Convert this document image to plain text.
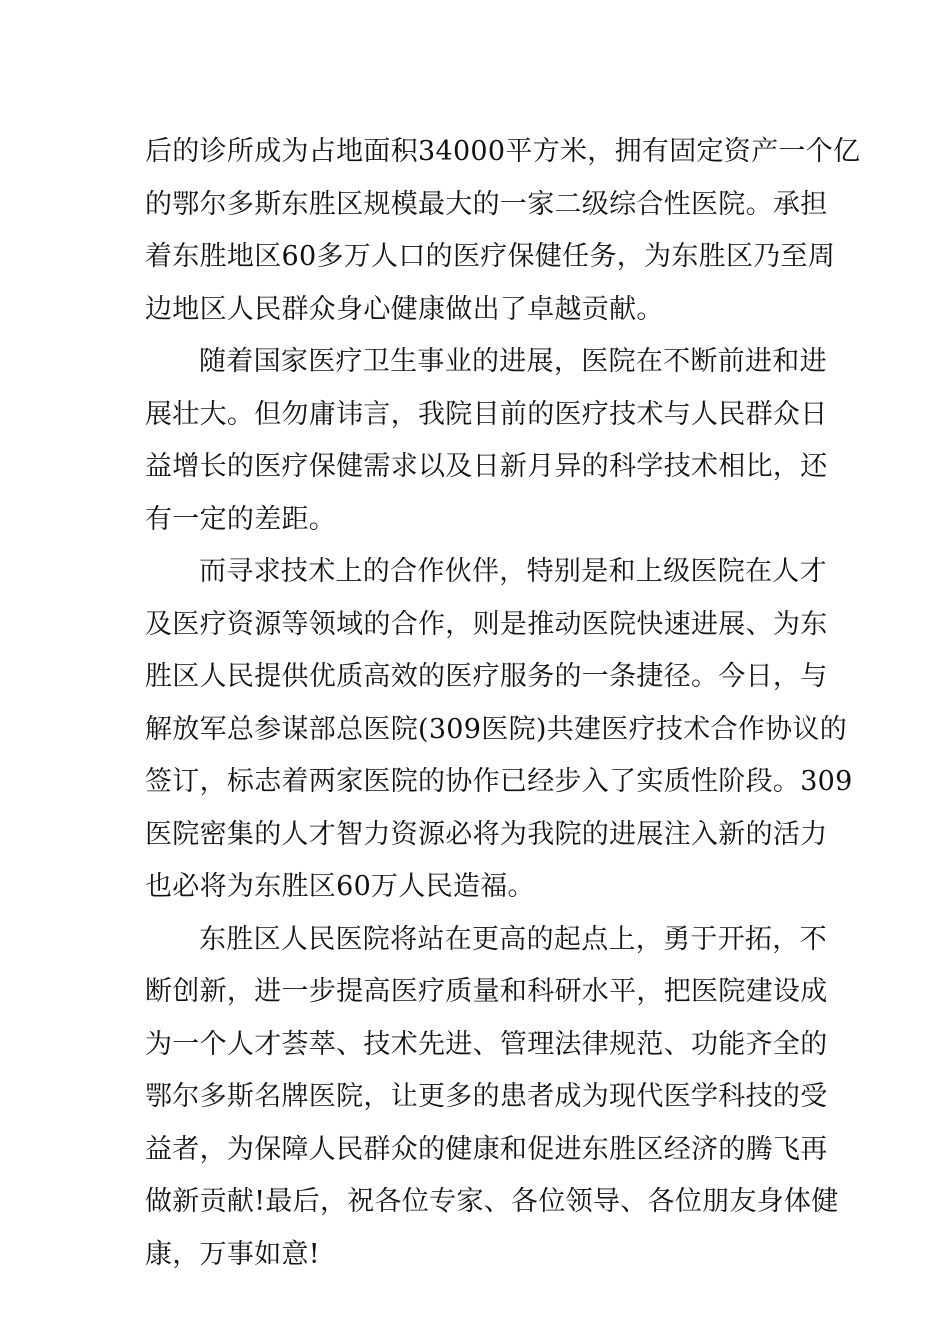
后的诊所成为占地面积34000平方米，拥有固定资产一个亿
的鄂尔多斯东胜区规模最大的一家二级综合性医院。承担
着东胜地区60多万人口的医疗保健任务，为东胜区乃至周
边地区人民群众身心健康做出了卓越贡献。
随着国家医疗卫生事业的进展，医院在不断前进和进
展壮大。但勿庸讳言，我院目前的医疗技术与人民群众日
益增长的医疗保健需求以及日新月异的科学技术相比，还
有一定的差距。
而寻求技术上的合作伙伴，特别是和上级医院在人才
及医疗资源等领域的合作，则是推动医院快速进展、为东
胜区人民提供优质高效的医疗服务的一条捷径。今日，与
解放军总参谋部总医院(309医院)共建医疗技术合作协议的
签订，标志着两家医院的协作已经步入了实质性阶段。309
医院密集的人才智力资源必将为我院的进展注入新的活力
也必将为东胜区60万人民造福。
东胜区人民医院将站在更高的起点上，勇于开拓，不
断创新，进一步提高医疗质量和科研水平，把医院建设成
为一个人才荟萃、技术先进、管理法律规范、功能齐全的
鄂尔多斯名牌医院，让更多的患者成为现代医学科技的受
益者，为保障人民群众的健康和促进东胜区经济的腾飞再
做新贡献!最后，祝各位专家、各位领导、各位朋友身体健
康，万事如意!
